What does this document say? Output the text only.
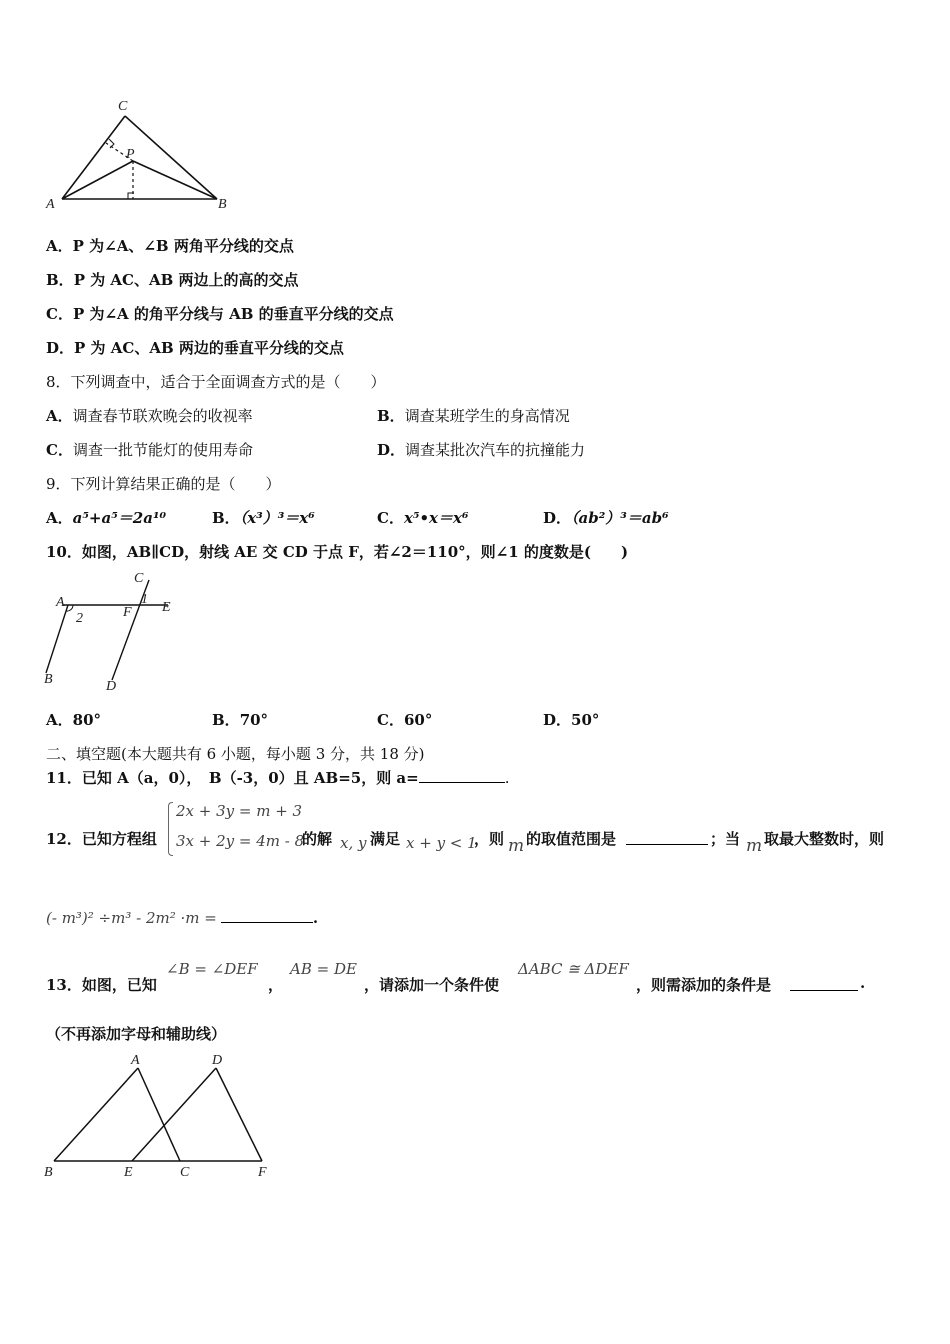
C
P
A	B
A．P 为∠A、∠B 两角平分线的交点
B．P 为 AC、AB 两边上的高的交点
C．P 为∠A 的角平分线与 AB 的垂直平分线的交点
D．P 为 AC、AB 两边的垂直平分线的交点
8．下列调查中，适合于全面调查方式的是（　　）
A．调查春节联欢晚会的收视率	B．调查某班学生的身高情况
C．调查一批节能灯的使用寿命	D．调查某批次汽车的抗撞能力
9．下列计算结果正确的是（　　）
A．a⁵+a⁵＝2a¹⁰	B．（x³）³＝x⁶	C．x⁵•x＝x⁶	D．（ab²）³＝ab⁶
10．如图，AB∥CD，射线 AE 交 CD 于点 F，若∠2＝110°，则∠1 的度数是(　　)
C
A
2	F
1
E
B	D
A．80°	B．70°	C．60°	D．50°
二、填空题(本大题共有 6 小题，每小题 3 分，共 18 分)
11．已知 A（a，0），　B（-3，0）且 AB=5，则 a=	.
12．已知方程组
2x + 3y = m + 3
3x + 2y = 4m - 8
的解 x, y 满足 x + y < 1
，则 m 的取值范围是	；当 m 取最大整数时，则
(- m³)² ÷m³ - 2m² ·m =	.
13．如图，已知
∠B = ∠DEF
，
AB = DE
，请添加一个条件使
ΔABC ≅ ΔDEF
，则需添加的条件是	.
（不再添加字母和辅助线）
A	D
B	E	C	F
